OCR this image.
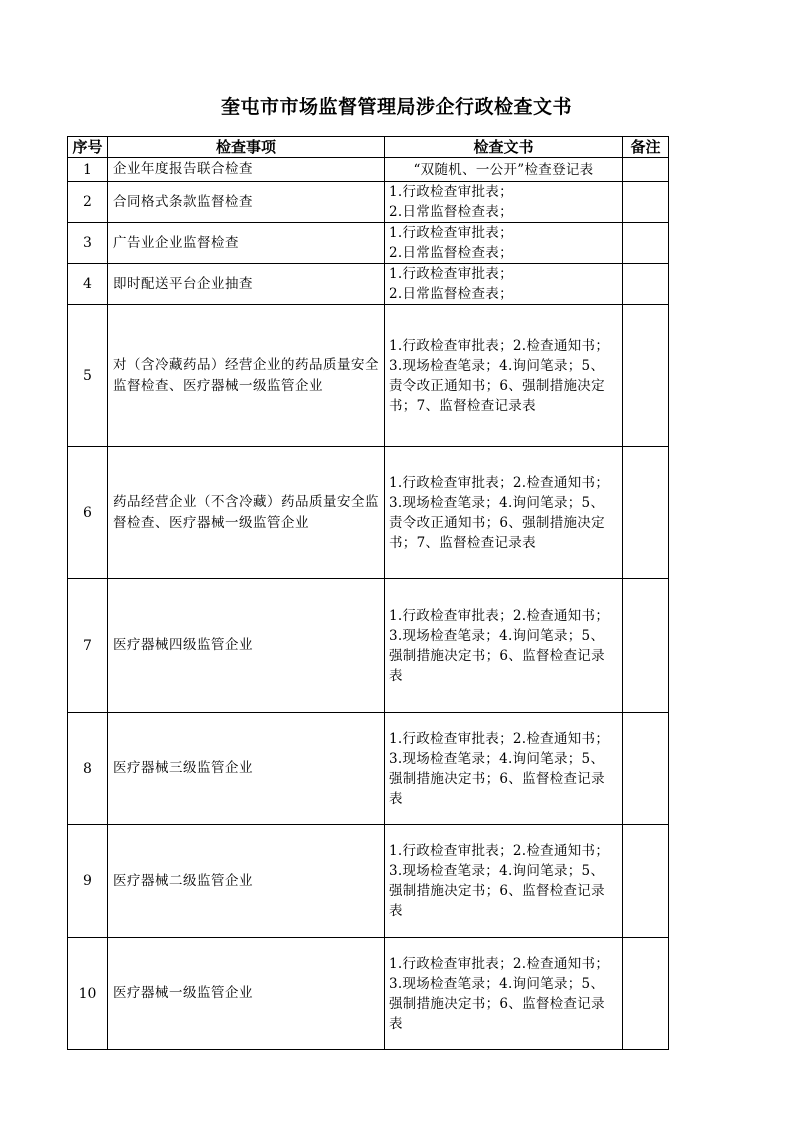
奎屯市市场监督管理局涉企行政检查文书
序号	检查事项	检查文书	备注
1	企业年度报告联合检查	“双随机、一公开”检查登记表	

2	合同格式条款监督检查	1.行政检查审批表；
2.日常监督检查表；	

3	广告业企业监督检查	1.行政检查审批表；
2.日常监督检查表；	

4	即时配送平台企业抽查	1.行政检查审批表；
2.日常监督检查表；	

5	对（含冷藏药品）经营企业的药品质量安全监督检查、医疗器械一级监管企业	1.行政检查审批表；2.检查通知书；3.现场检查笔录；4.询问笔录；5、责令改正通知书；6、强制措施决定书；7、监督检查记录表	

6	药品经营企业（不含冷藏）药品质量安全监督检查、医疗器械一级监管企业	1.行政检查审批表；2.检查通知书； 3.现场检查笔录；4.询问笔录；5、责令改正通知书；6、强制措施决定书；7、监督检查记录表	

7	医疗器械四级监管企业	1.行政检查审批表；2.检查通知书； 3.现场检查笔录；4.询问笔录；5、强制措施决定书；6、监督检查记录表	

8	医疗器械三级监管企业	1.行政检查审批表；2.检查通知书； 3.现场检查笔录；4.询问笔录；5、强制措施决定书；6、监督检查记录表	

9	医疗器械二级监管企业	1.行政检查审批表；2.检查通知书； 3.现场检查笔录；4.询问笔录；5、强制措施决定书；6、监督检查记录表	

10	医疗器械一级监管企业	1.行政检查审批表；2.检查通知书； 3.现场检查笔录；4.询问笔录；5、强制措施决定书；6、监督检查记录表	
